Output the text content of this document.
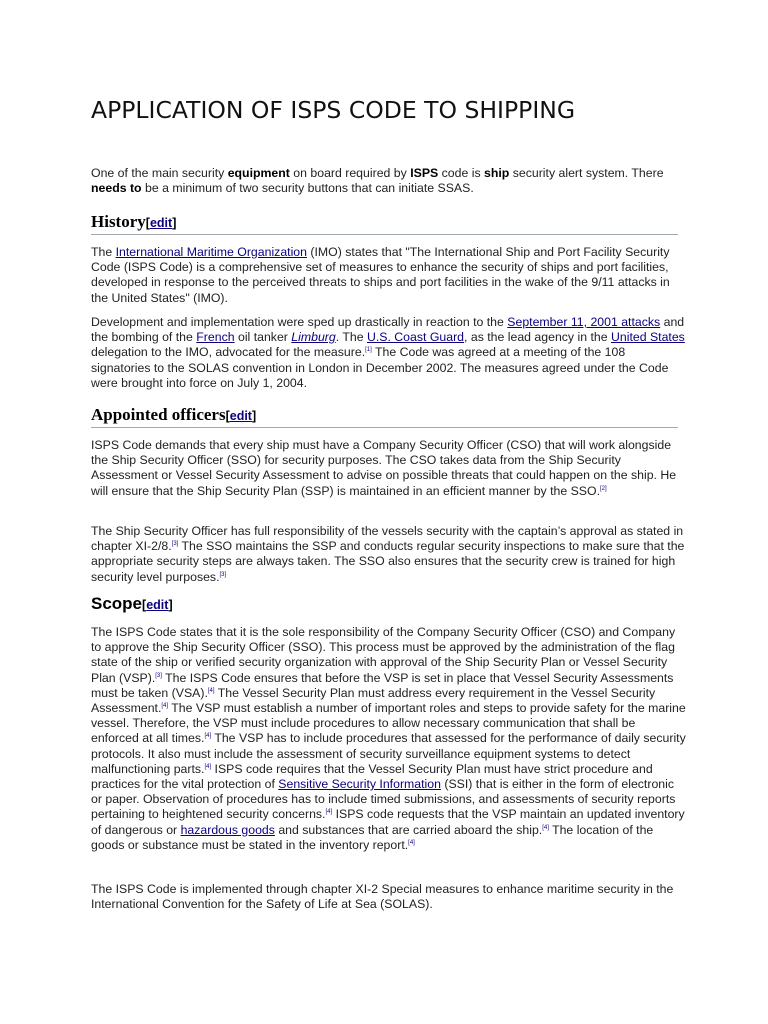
APPLICATION OF ISPS CODE TO SHIPPING

One of the main security equipment on board required by ISPS code is ship security alert system. There needs to be a minimum of two security buttons that can initiate SSAS.

History[edit]

The International Maritime Organization (IMO) states that "The International Ship and Port Facility Security Code (ISPS Code) is a comprehensive set of measures to enhance the security of ships and port facilities, developed in response to the perceived threats to ships and port facilities in the wake of the 9/11 attacks in the United States" (IMO).

Development and implementation were sped up drastically in reaction to the September 11, 2001 attacks and the bombing of the French oil tanker Limburg. The U.S. Coast Guard, as the lead agency in the United States delegation to the IMO, advocated for the measure.[1] The Code was agreed at a meeting of the 108 signatories to the SOLAS convention in London in December 2002. The measures agreed under the Code were brought into force on July 1, 2004.

Appointed officers[edit]

ISPS Code demands that every ship must have a Company Security Officer (CSO) that will work alongside the Ship Security Officer (SSO) for security purposes. The CSO takes data from the Ship Security Assessment or Vessel Security Assessment to advise on possible threats that could happen on the ship. He will ensure that the Ship Security Plan (SSP) is maintained in an efficient manner by the SSO.[2]

The Ship Security Officer has full responsibility of the vessels security with the captain’s approval as stated in chapter XI-2/8.[3] The SSO maintains the SSP and conducts regular security inspections to make sure that the appropriate security steps are always taken. The SSO also ensures that the security crew is trained for high security level purposes.[3]

Scope[edit]

The ISPS Code states that it is the sole responsibility of the Company Security Officer (CSO) and Company to approve the Ship Security Officer (SSO). This process must be approved by the administration of the flag state of the ship or verified security organization with approval of the Ship Security Plan or Vessel Security Plan (VSP).[3] The ISPS Code ensures that before the VSP is set in place that Vessel Security Assessments must be taken (VSA).[4] The Vessel Security Plan must address every requirement in the Vessel Security Assessment.[4] The VSP must establish a number of important roles and steps to provide safety for the marine vessel. Therefore, the VSP must include procedures to allow necessary communication that shall be enforced at all times.[4] The VSP has to include procedures that assessed for the performance of daily security protocols. It also must include the assessment of security surveillance equipment systems to detect malfunctioning parts.[4] ISPS code requires that the Vessel Security Plan must have strict procedure and practices for the vital protection of Sensitive Security Information (SSI) that is either in the form of electronic or paper. Observation of procedures has to include timed submissions, and assessments of security reports pertaining to heightened security concerns.[4] ISPS code requests that the VSP maintain an updated inventory of dangerous or hazardous goods and substances that are carried aboard the ship.[4] The location of the goods or substance must be stated in the inventory report.[4]

The ISPS Code is implemented through chapter XI-2 Special measures to enhance maritime security in the International Convention for the Safety of Life at Sea (SOLAS).
